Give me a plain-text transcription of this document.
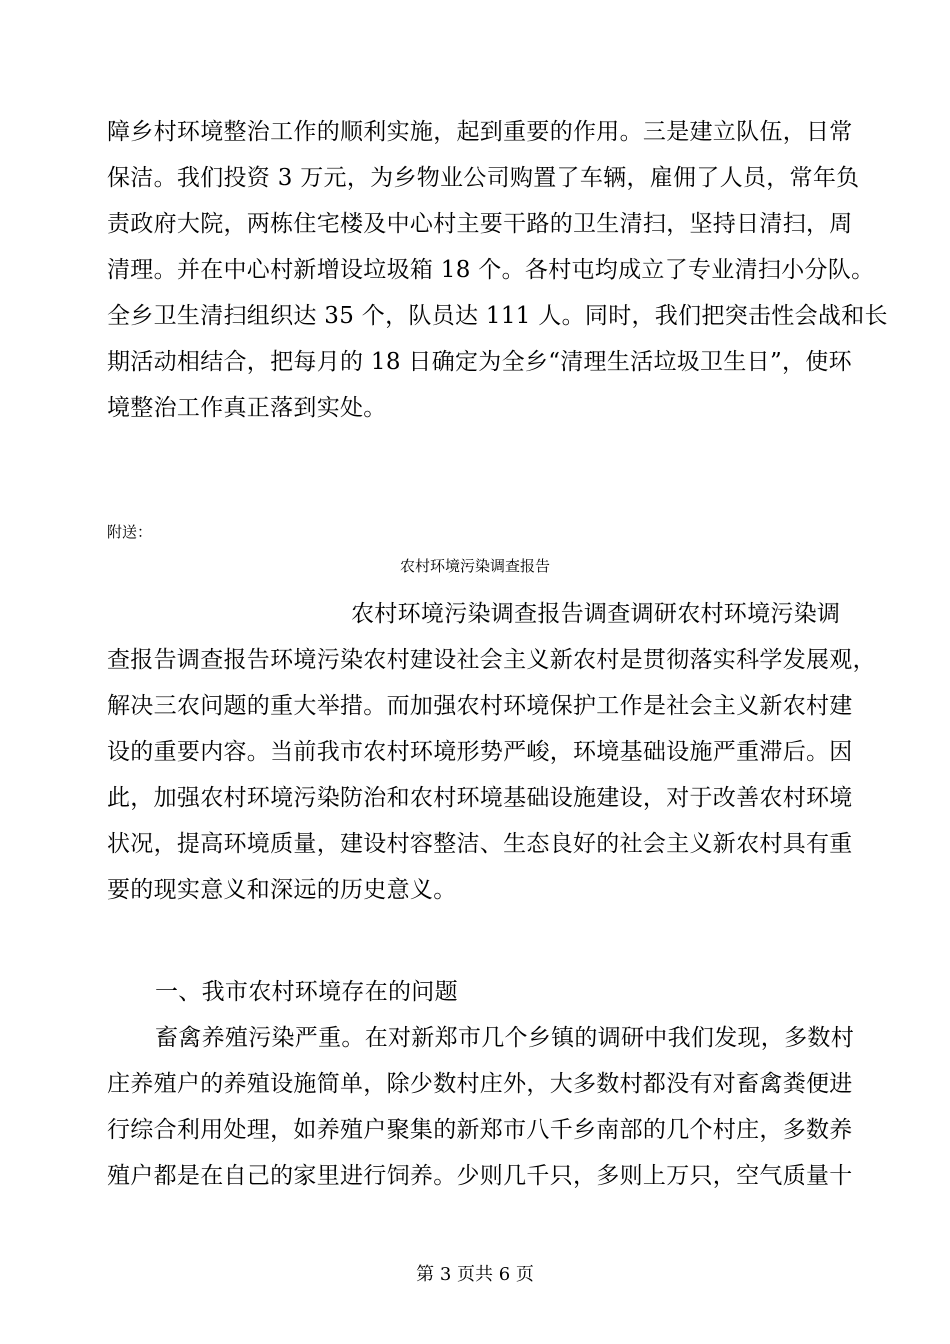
障乡村环境整治工作的顺利实施，起到重要的作用。三是建立队伍，日常
保洁。我们投资 3 万元，为乡物业公司购置了车辆，雇佣了人员，常年负
责政府大院，两栋住宅楼及中心村主要干路的卫生清扫，坚持日清扫，周
清理。并在中心村新增设垃圾箱 18 个。各村屯均成立了专业清扫小分队。
全乡卫生清扫组织达 35 个，队员达 111 人。同时，我们把突击性会战和长
期活动相结合，把每月的 18 日确定为全乡“清理生活垃圾卫生日”，使环
境整治工作真正落到实处。
附送：
农村环境污染调查报告
农村环境污染调查报告调查调研农村环境污染调
查报告调查报告环境污染农村建设社会主义新农村是贯彻落实科学发展观，
解决三农问题的重大举措。而加强农村环境保护工作是社会主义新农村建
设的重要内容。当前我市农村环境形势严峻，环境基础设施严重滞后。因
此，加强农村环境污染防治和农村环境基础设施建设，对于改善农村环境
状况，提高环境质量，建设村容整洁、生态良好的社会主义新农村具有重
要的现实意义和深远的历史意义。
一、我市农村环境存在的问题
畜禽养殖污染严重。在对新郑市几个乡镇的调研中我们发现，多数村
庄养殖户的养殖设施简单，除少数村庄外，大多数村都没有对畜禽粪便进
行综合利用处理，如养殖户聚集的新郑市八千乡南部的几个村庄，多数养
殖户都是在自己的家里进行饲养。少则几千只，多则上万只，空气质量十
第 3 页共 6 页
